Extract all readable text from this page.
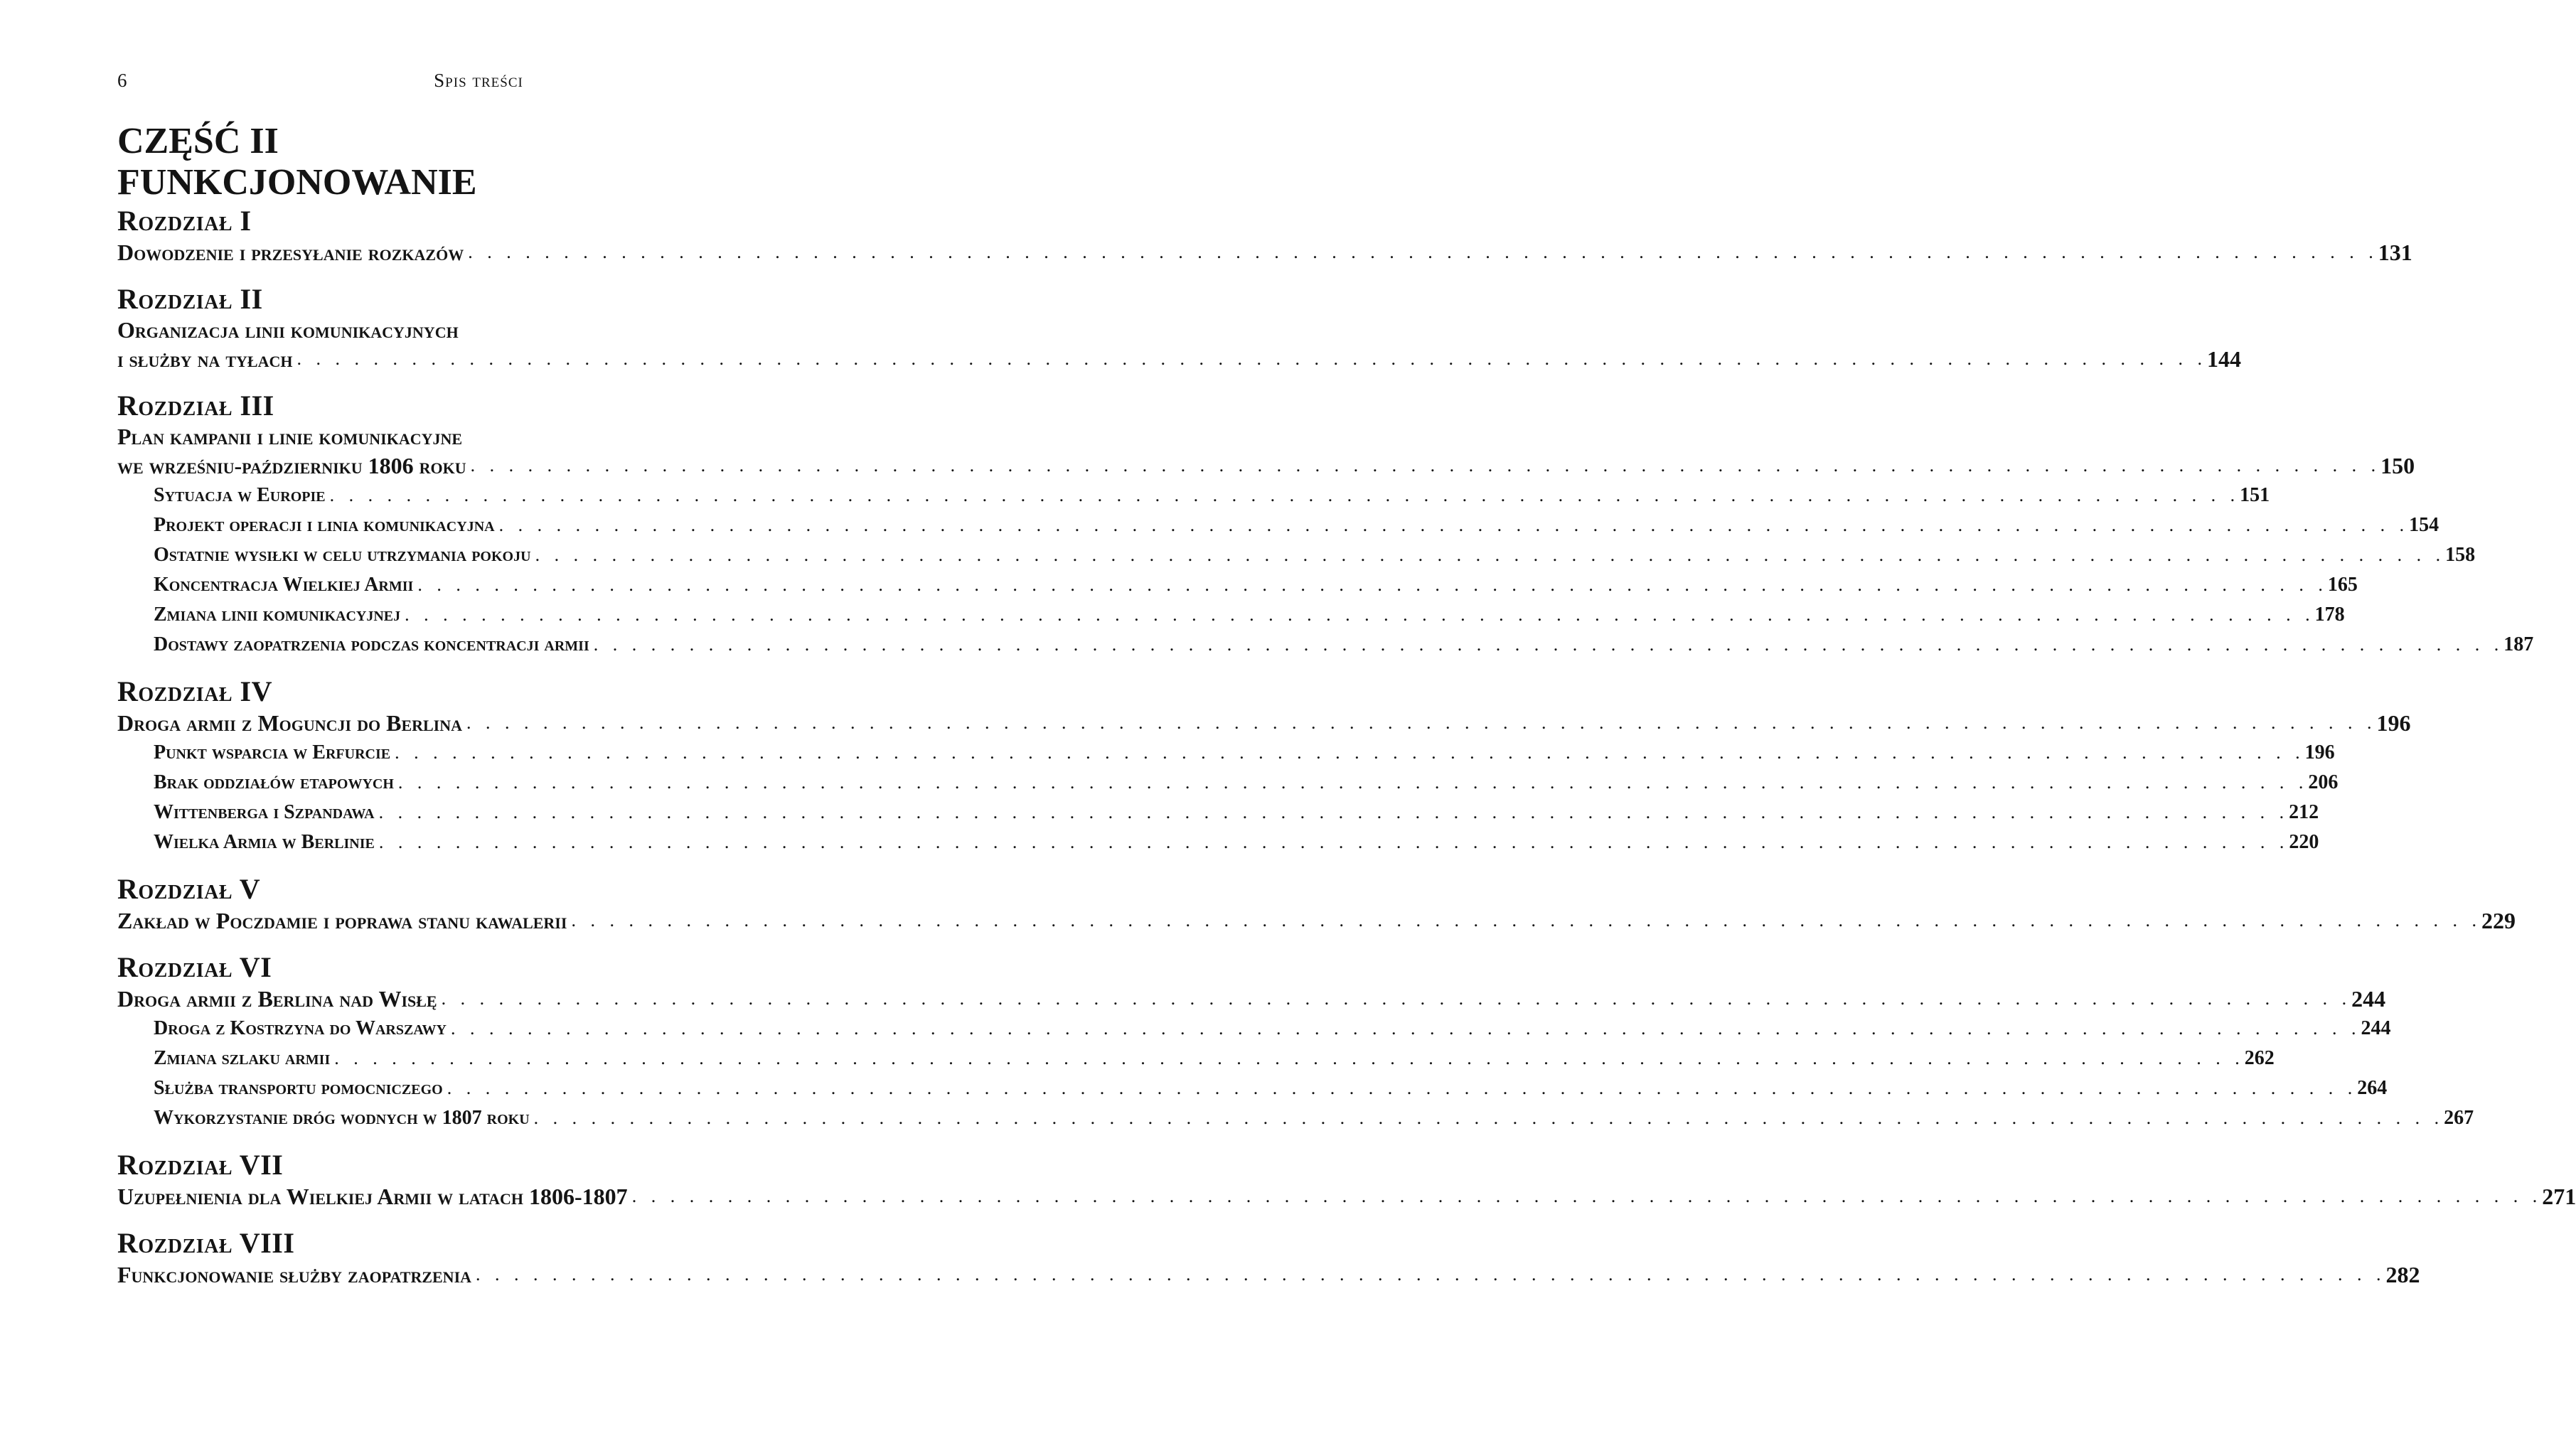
6	Spis treści
CZĘŚĆ II
FUNKCJONOWANIE
Rozdział I
Dowodzenie i przesyłanie rozkazów . . . . . . . . . . . . . . . . . . . . . . . . . . . . . . . . . . . . . . . . . . . . . . . . . . . . . . . . . . . . . . . . . . . . . . . . . . . . . . . . . . . . . . . . . . . . . . . . . . . . 131
Rozdział II
Organizacja linii komunikacyjnych
i służby na tyłach . . . . . . . . . . . . . . . . . . . . . . . . . . . . . . . . . . . . . . . . . . . . . . . . . . . . . . . . . . . . . . . . . . . . . . . . . . . . . . . . . . . . . . . . . . . . . . . . . . . . 144
Rozdział III
Plan kampanii i linie komunikacyjne
we wrześniu-październiku 1806 roku . . . . . . . . . . . . . . . . . . . . . . . . . . . . . . . . . . . . . . . . . . . . . . . . . . . . . . . . . . . . . . . . . . . . . . . . . . . . . . . . . . . . . . . . . . . . . . . . . . . . 150
Sytuacja w Europie . . . . . . . . . . . . . . . . . . . . . . . . . . . . . . . . . . . . . . . . . . . . . . . . . . . . . . . . . . . . . . . . . . . . . . . . . . . . . . . . . . . . . . . . . . . . . . . . . . . . 151
Projekt operacji i linia komunikacyjna . . . . . . . . . . . . . . . . . . . . . . . . . . . . . . . . . . . . . . . . . . . . . . . . . . . . . . . . . . . . . . . . . . . . . . . . . . . . . . . . . . . . . . . . . . . . . . . . . . . . 154
Ostatnie wysiłki w celu utrzymania pokoju . . . . . . . . . . . . . . . . . . . . . . . . . . . . . . . . . . . . . . . . . . . . . . . . . . . . . . . . . . . . . . . . . . . . . . . . . . . . . . . . . . . . . . . . . . . . . . . . . . . . 158
Koncentracja Wielkiej Armii . . . . . . . . . . . . . . . . . . . . . . . . . . . . . . . . . . . . . . . . . . . . . . . . . . . . . . . . . . . . . . . . . . . . . . . . . . . . . . . . . . . . . . . . . . . . . . . . . . . . 165
Zmiana linii komunikacyjnej . . . . . . . . . . . . . . . . . . . . . . . . . . . . . . . . . . . . . . . . . . . . . . . . . . . . . . . . . . . . . . . . . . . . . . . . . . . . . . . . . . . . . . . . . . . . . . . . . . . . 178
Dostawy zaopatrzenia podczas koncentracji armii . . . . . . . . . . . . . . . . . . . . . . . . . . . . . . . . . . . . . . . . . . . . . . . . . . . . . . . . . . . . . . . . . . . . . . . . . . . . . . . . . . . . . . . . . . . . . . . . . . . . 187
Rozdział IV
Droga armii z Moguncji do Berlina . . . . . . . . . . . . . . . . . . . . . . . . . . . . . . . . . . . . . . . . . . . . . . . . . . . . . . . . . . . . . . . . . . . . . . . . . . . . . . . . . . . . . . . . . . . . . . . . . . . . 196
Punkt wsparcia w Erfurcie . . . . . . . . . . . . . . . . . . . . . . . . . . . . . . . . . . . . . . . . . . . . . . . . . . . . . . . . . . . . . . . . . . . . . . . . . . . . . . . . . . . . . . . . . . . . . . . . . . . . 196
Brak oddziałów etapowych . . . . . . . . . . . . . . . . . . . . . . . . . . . . . . . . . . . . . . . . . . . . . . . . . . . . . . . . . . . . . . . . . . . . . . . . . . . . . . . . . . . . . . . . . . . . . . . . . . . . 206
Wittenberga i Szpandawa . . . . . . . . . . . . . . . . . . . . . . . . . . . . . . . . . . . . . . . . . . . . . . . . . . . . . . . . . . . . . . . . . . . . . . . . . . . . . . . . . . . . . . . . . . . . . . . . . . . . 212
Wielka Armia w Berlinie . . . . . . . . . . . . . . . . . . . . . . . . . . . . . . . . . . . . . . . . . . . . . . . . . . . . . . . . . . . . . . . . . . . . . . . . . . . . . . . . . . . . . . . . . . . . . . . . . . . . 220
Rozdział V
Zakład w Poczdamie i poprawa stanu kawalerii . . . . . . . . . . . . . . . . . . . . . . . . . . . . . . . . . . . . . . . . . . . . . . . . . . . . . . . . . . . . . . . . . . . . . . . . . . . . . . . . . . . . . . . . . . . . . . . . . . . . 229
Rozdział VI
Droga armii z Berlina nad Wisłę . . . . . . . . . . . . . . . . . . . . . . . . . . . . . . . . . . . . . . . . . . . . . . . . . . . . . . . . . . . . . . . . . . . . . . . . . . . . . . . . . . . . . . . . . . . . . . . . . . . . 244
Droga z Kostrzyna do Warszawy . . . . . . . . . . . . . . . . . . . . . . . . . . . . . . . . . . . . . . . . . . . . . . . . . . . . . . . . . . . . . . . . . . . . . . . . . . . . . . . . . . . . . . . . . . . . . . . . . . . . 244
Zmiana szlaku armii . . . . . . . . . . . . . . . . . . . . . . . . . . . . . . . . . . . . . . . . . . . . . . . . . . . . . . . . . . . . . . . . . . . . . . . . . . . . . . . . . . . . . . . . . . . . . . . . . . . . 262
Służba transportu pomocniczego . . . . . . . . . . . . . . . . . . . . . . . . . . . . . . . . . . . . . . . . . . . . . . . . . . . . . . . . . . . . . . . . . . . . . . . . . . . . . . . . . . . . . . . . . . . . . . . . . . . . 264
Wykorzystanie dróg wodnych w 1807 roku . . . . . . . . . . . . . . . . . . . . . . . . . . . . . . . . . . . . . . . . . . . . . . . . . . . . . . . . . . . . . . . . . . . . . . . . . . . . . . . . . . . . . . . . . . . . . . . . . . . . 267
Rozdział VII
Uzupełnienia dla Wielkiej Armii w latach 1806-1807 . . . . . . . . . . . . . . . . . . . . . . . . . . . . . . . . . . . . . . . . . . . . . . . . . . . . . . . . . . . . . . . . . . . . . . . . . . . . . . . . . . . . . . . . . . . . . . . . . . . . 271
Rozdział VIII
Funkcjonowanie służby zaopatrzenia . . . . . . . . . . . . . . . . . . . . . . . . . . . . . . . . . . . . . . . . . . . . . . . . . . . . . . . . . . . . . . . . . . . . . . . . . . . . . . . . . . . . . . . . . . . . . . . . . . . . 282
